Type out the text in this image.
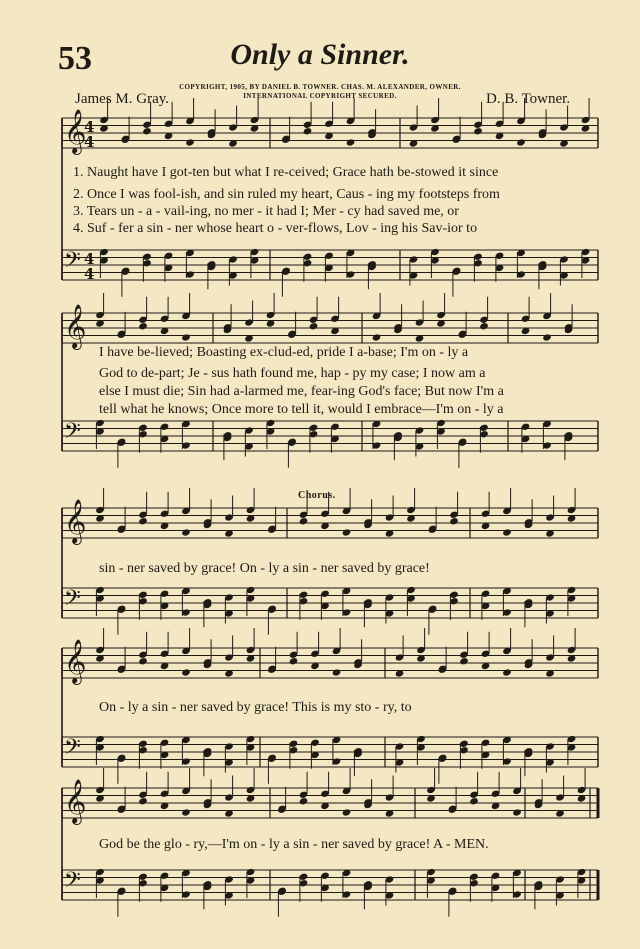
53	Only a Sinner.
COPYRIGHT, 1905, BY DANIEL B. TOWNER. CHAS. M. ALEXANDER, OWNER.
INTERNATIONAL COPYRIGHT SECURED.
James M. Gray.	D. B. Towner.
Chorus.
1. Naught have I got-ten but what I re-ceived; Grace hath be-stowed it since
2. Once I was fool-ish, and sin ruled my heart, Caus - ing my footsteps from
3. Tears un - a - vail-ing, no mer - it had I; Mer - cy had saved me, or
4. Suf - fer a sin - ner whose heart o - ver-flows, Lov - ing his Sav-ior to
I have be-lieved; Boasting ex-clud-ed, pride I a-base; I'm on - ly a
God to de-part; Je - sus hath found me, hap - py my case; I now am a
else I must die; Sin had a-larmed me, fear-ing God's face; But now I'm a
tell what he knows; Once more to tell it, would I embrace—I'm on - ly a
sin - ner saved by grace! On - ly a sin - ner saved by grace!
On - ly a sin - ner saved by grace! This is my sto - ry, to
God be the glo - ry,—I'm on - ly a sin - ner saved by grace! A - MEN.
𝄞
4
4
𝄢 4
4
𝄞
𝄢
𝄞
𝄢
𝄞
𝄢
𝄞
𝄢
